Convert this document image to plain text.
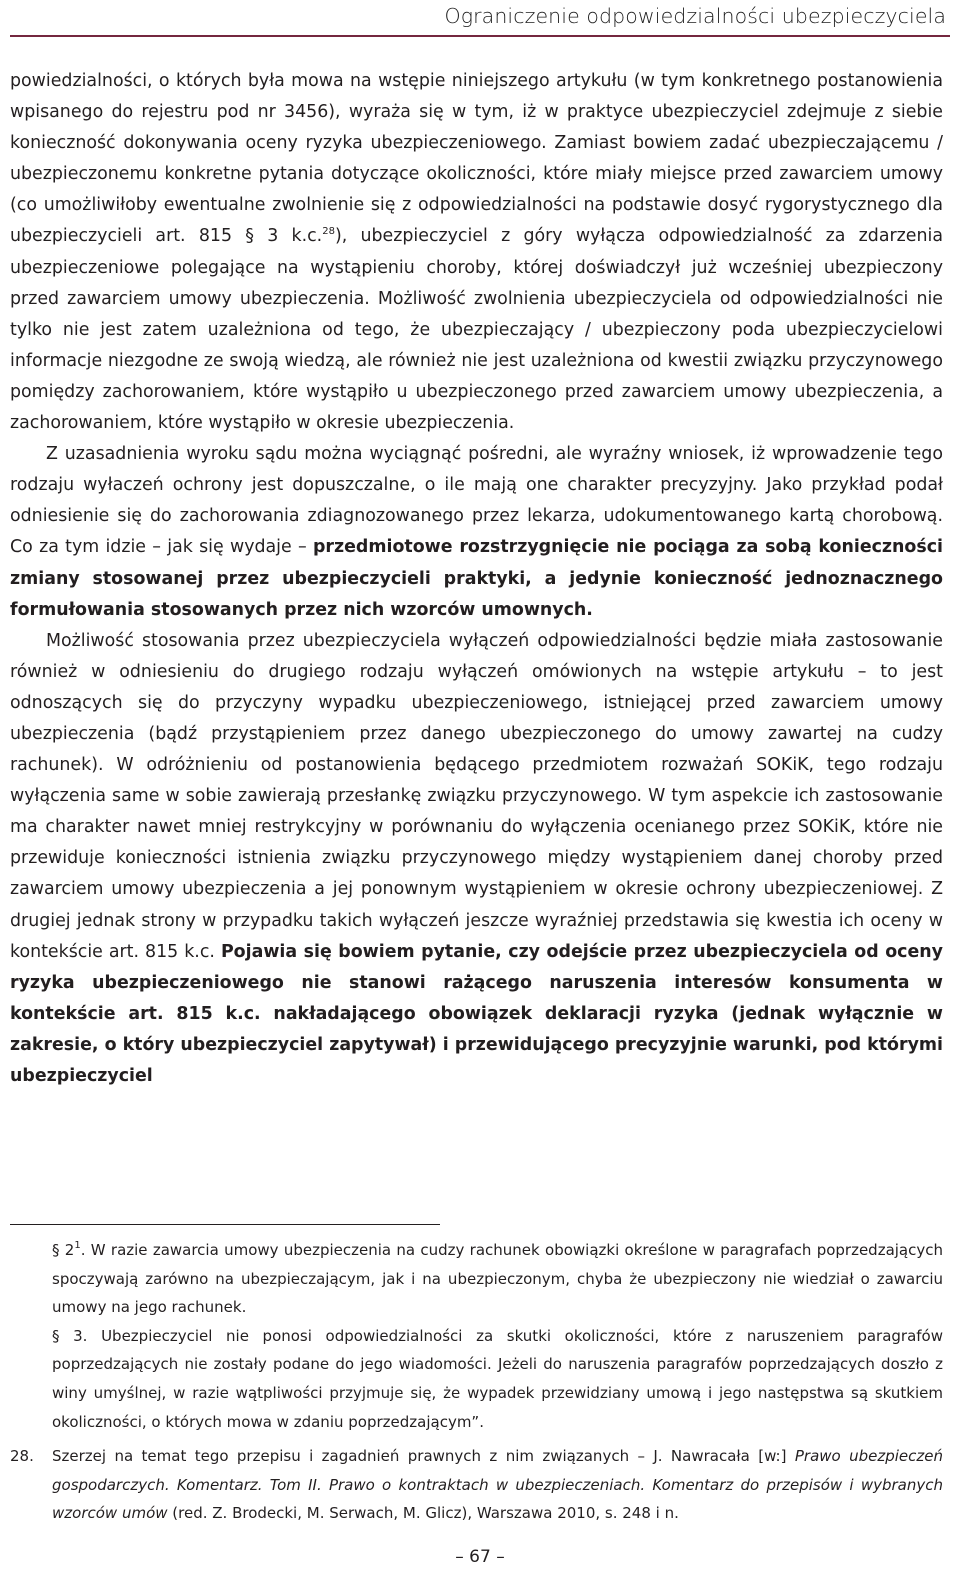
Ograniczenie odpowiedzialności ubezpieczyciela

powiedzialności, o których była mowa na wstępie niniejszego artykułu (w tym konkretnego postanowienia wpisanego do rejestru pod nr 3456), wyraża się w tym, iż w praktyce ubezpieczyciel zdejmuje z siebie konieczność dokonywania oceny ryzyka ubezpieczeniowego. Zamiast bowiem zadać ubezpieczającemu / ubezpieczonemu konkretne pytania dotyczące okoliczności, które miały miejsce przed zawarciem umowy (co umożliwiłoby ewentualne zwolnienie się z odpowiedzialności na podstawie dosyć rygorystycznego dla ubezpieczycieli art. 815 § 3 k.c.$^{28}$), ubezpieczyciel z góry wyłącza odpowiedzialność za zdarzenia ubezpieczeniowe polegające na wystąpieniu choroby, której doświadczył już wcześniej ubezpieczony przed zawarciem umowy ubezpieczenia. Możliwość zwolnienia ubezpieczyciela od odpowiedzialności nie tylko nie jest zatem uzależniona od tego, że ubezpieczający / ubezpieczony poda ubezpieczycielowi informacje niezgodne ze swoją wiedzą, ale również nie jest uzależniona od kwestii związku przyczynowego pomiędzy zachorowaniem, które wystąpiło u ubezpieczonego przed zawarciem umowy ubezpieczenia, a zachorowaniem, które wystąpiło w okresie ubezpieczenia.

Z uzasadnienia wyroku sądu można wyciągnąć pośredni, ale wyraźny wniosek, iż wprowadzenie tego rodzaju wyłaczeń ochrony jest dopuszczalne, o ile mają one charakter precyzyjny. Jako przykład podał odniesienie się do zachorowania zdiagnozowanego przez lekarza, udokumentowanego kartą chorobową. Co za tym idzie – jak się wydaje – przedmiotowe rozstrzygnięcie nie pociąga za sobą konieczności zmiany stosowanej przez ubezpieczycieli praktyki, a jedynie konieczność jednoznacznego formułowania stosowanych przez nich wzorców umownych.

Możliwość stosowania przez ubezpieczyciela wyłączeń odpowiedzialności będzie miała zastosowanie również w odniesieniu do drugiego rodzaju wyłączeń omówionych na wstępie artykułu – to jest odnoszących się do przyczyny wypadku ubezpieczeniowego, istniejącej przed zawarciem umowy ubezpieczenia (bądź przystąpieniem przez danego ubezpieczonego do umowy zawartej na cudzy rachunek). W odróżnieniu od postanowienia będącego przedmiotem rozważań SOKiK, tego rodzaju wyłączenia same w sobie zawierają przesłankę związku przyczynowego. W tym aspekcie ich zastosowanie ma charakter nawet mniej restrykcyjny w porównaniu do wyłączenia ocenianego przez SOKiK, które nie przewiduje konieczności istnienia związku przyczynowego między wystąpieniem danej choroby przed zawarciem umowy ubezpieczenia a jej ponownym wystąpieniem w okresie ochrony ubezpieczeniowej. Z drugiej jednak strony w przypadku takich wyłączeń jeszcze wyraźniej przedstawia się kwestia ich oceny w kontekście art. 815 k.c. Pojawia się bowiem pytanie, czy odejście przez ubezpieczyciela od oceny ryzyka ubezpieczeniowego nie stanowi rażącego naruszenia interesów konsumenta w kontekście art. 815 k.c. nakładającego obowiązek deklaracji ryzyka (jednak wyłącznie w zakresie, o który ubezpieczyciel zapytywał) i przewidującego precyzyjnie warunki, pod którymi ubezpieczyciel

§ $2^1$. W razie zawarcia umowy ubezpieczenia na cudzy rachunek obowiązki określone w paragrafach poprzedzających spoczywają zarówno na ubezpieczającym, jak i na ubezpieczonym, chyba że ubezpieczony nie wiedział o zawarciu umowy na jego rachunek.

§ 3. Ubezpieczyciel nie ponosi odpowiedzialności za skutki okoliczności, które z naruszeniem paragrafów poprzedzających nie zostały podane do jego wiadomości. Jeżeli do naruszenia paragrafów poprzedzających doszło z winy umyślnej, w razie wątpliwości przyjmuje się, że wypadek przewidziany umową i jego następstwa są skutkiem okoliczności, o których mowa w zdaniu poprzedzającym”.

28. Szerzej na temat tego przepisu i zagadnień prawnych z nim związanych – J. Nawracała [w:] Prawo ubezpieczeń gospodarczych. Komentarz. Tom II. Prawo o kontraktach w ubezpieczeniach. Komentarz do przepisów i wybranych wzorców umów (red. Z. Brodecki, M. Serwach, M. Glicz), Warszawa 2010, s. 248 i n.
– 67 –
